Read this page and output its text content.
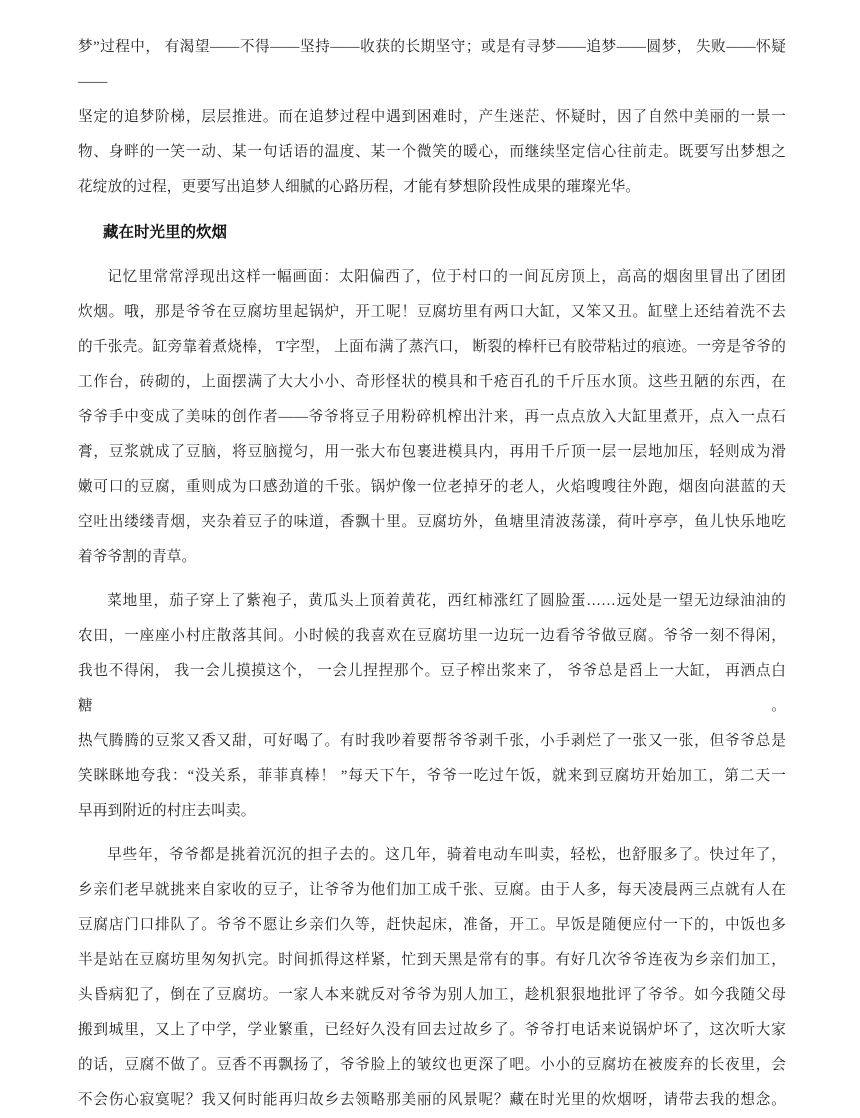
梦”过程中， 有渴望——不得——坚持——收获的长期坚守；或是有寻梦——追梦——圆梦， 失败——怀疑——
坚定的追梦阶梯，层层推进。而在追梦过程中遇到困难时，产生迷茫、怀疑时，因了自然中美丽的一景一
物、身畔的一笑一动、某一句话语的温度、某一个微笑的暖心，而继续坚定信心往前走。既要写出梦想之
花绽放的过程，更要写出追梦人细腻的心路历程，才能有梦想阶段性成果的璀璨光华。
藏在时光里的炊烟
记忆里常常浮现出这样一幅画面：太阳偏西了，位于村口的一间瓦房顶上，高高的烟囱里冒出了团团
炊烟。哦，那是爷爷在豆腐坊里起锅炉，开工呢！豆腐坊里有两口大缸，又笨又丑。缸壁上还结着洗不去
的千张壳。缸旁靠着煮烧棒， T字型， 上面布满了蒸汽口， 断裂的棒杆已有胶带粘过的痕迹。一旁是爷爷的
工作台，砖砌的，上面摆满了大大小小、奇形怪状的模具和千疮百孔的千斤压水顶。这些丑陋的东西，在
爷爷手中变成了美味的创作者——爷爷将豆子用粉碎机榨出汁来，再一点点放入大缸里煮开，点入一点石
膏，豆浆就成了豆脑，将豆脑搅匀，用一张大布包裹进模具内，再用千斤顶一层一层地加压，轻则成为滑
嫩可口的豆腐，重则成为口感劲道的千张。锅炉像一位老掉牙的老人，火焰嗖嗖往外跑，烟囱向湛蓝的天
空吐出缕缕青烟，夹杂着豆子的味道，香飘十里。豆腐坊外，鱼塘里清波荡漾，荷叶亭亭，鱼儿快乐地吃
着爷爷割的青草。
菜地里，茄子穿上了紫袍子，黄瓜头上顶着黄花，西红柿涨红了圆脸蛋……远处是一望无边绿油油的
农田，一座座小村庄散落其间。小时候的我喜欢在豆腐坊里一边玩一边看爷爷做豆腐。爷爷一刻不得闲，
我也不得闲， 我一会儿摸摸这个， 一会儿捏捏那个。豆子榨出浆来了， 爷爷总是舀上一大缸， 再洒点白糖。
热气腾腾的豆浆又香又甜，可好喝了。有时我吵着要帮爷爷剥千张，小手剥烂了一张又一张，但爷爷总是
笑眯眯地夸我：“没关系，菲菲真棒！ ”每天下午，爷爷一吃过午饭，就来到豆腐坊开始加工，第二天一
早再到附近的村庄去叫卖。
早些年，爷爷都是挑着沉沉的担子去的。这几年，骑着电动车叫卖，轻松，也舒服多了。快过年了，
乡亲们老早就挑来自家收的豆子，让爷爷为他们加工成千张、豆腐。由于人多，每天凌晨两三点就有人在
豆腐店门口排队了。爷爷不愿让乡亲们久等，赶快起床，准备，开工。早饭是随便应付一下的，中饭也多
半是站在豆腐坊里匆匆扒完。时间抓得这样紧，忙到天黑是常有的事。有好几次爷爷连夜为乡亲们加工，
头昏病犯了，倒在了豆腐坊。一家人本来就反对爷爷为别人加工，趁机狠狠地批评了爷爷。如今我随父母
搬到城里，又上了中学，学业繁重，已经好久没有回去过故乡了。爷爷打电话来说锅炉坏了，这次听大家
的话，豆腐不做了。豆香不再飘扬了，爷爷脸上的皱纹也更深了吧。小小的豆腐坊在被废弃的长夜里，会
不会伤心寂寞呢？我又何时能再归故乡去领略那美丽的风景呢？藏在时光里的炊烟呀，请带去我的想念。
